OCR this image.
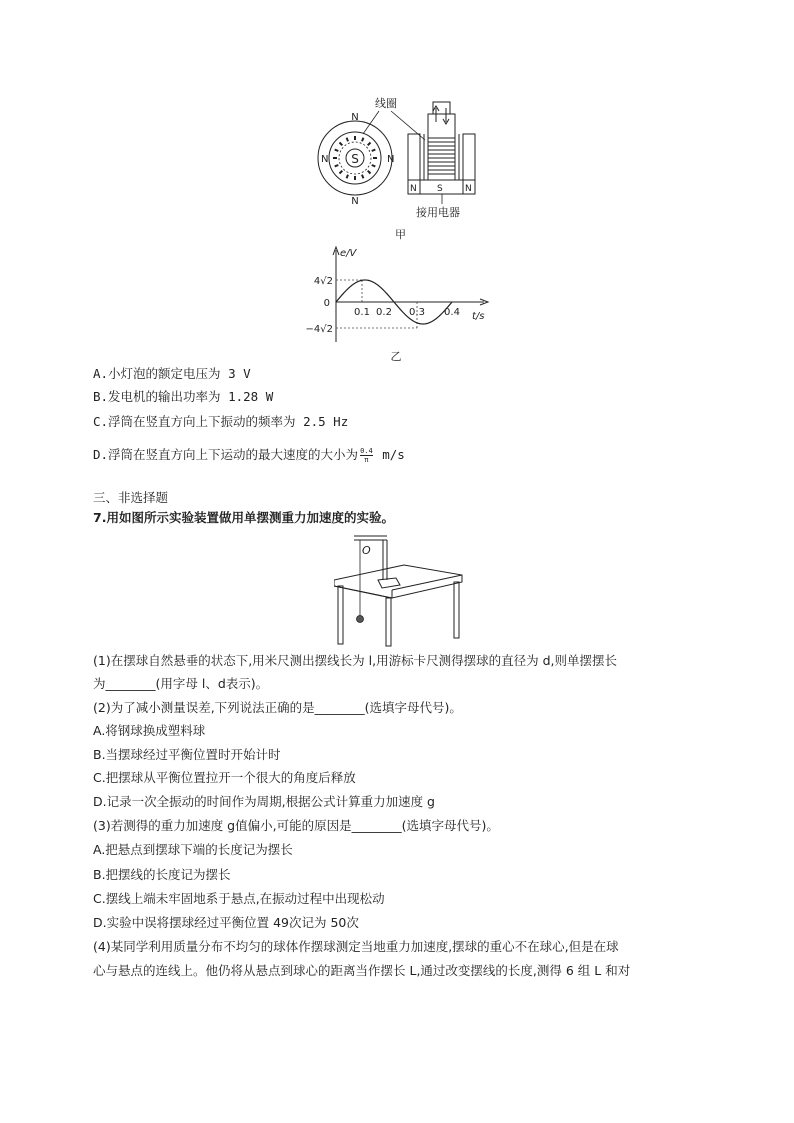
S
N
N
N	N
线圈
N S N
接用电器
甲
e/V
t/s
4√2
−4√2
0
0.1 0.2 0.3 0.4
乙
A.小灯泡的额定电压为 3 V
B.发电机的输出功率为 1.28 W
C.浮筒在竖直方向上下振动的频率为 2.5 Hz
D.浮筒在竖直方向上下运动的最大速度的大小为 $\frac{0.4}{\pi} m/s$
三、非选择题
7.用如图所示实验装置做用单摆测重力加速度的实验。
O
(1)在摆球自然悬垂的状态下,用米尺测出摆线长为 l,用游标卡尺测得摆球的直径为 d,则单摆摆长
为________(用字母 l、d表示)。
(2)为了减小测量误差,下列说法正确的是________(选填字母代号)。
A.将钢球换成塑料球
B.当摆球经过平衡位置时开始计时
C.把摆球从平衡位置拉开一个很大的角度后释放
D.记录一次全振动的时间作为周期,根据公式计算重力加速度 g
(3)若测得的重力加速度 g值偏小,可能的原因是________(选填字母代号)。
A.把悬点到摆球下端的长度记为摆长
B.把摆线的长度记为摆长
C.摆线上端未牢固地系于悬点,在振动过程中出现松动
D.实验中误将摆球经过平衡位置 49次记为 50次
(4)某同学利用质量分布不均匀的球体作摆球测定当地重力加速度,摆球的重心不在球心,但是在球
心与悬点的连线上。他仍将从悬点到球心的距离当作摆长 L,通过改变摆线的长度,测得 6 组 L 和对
